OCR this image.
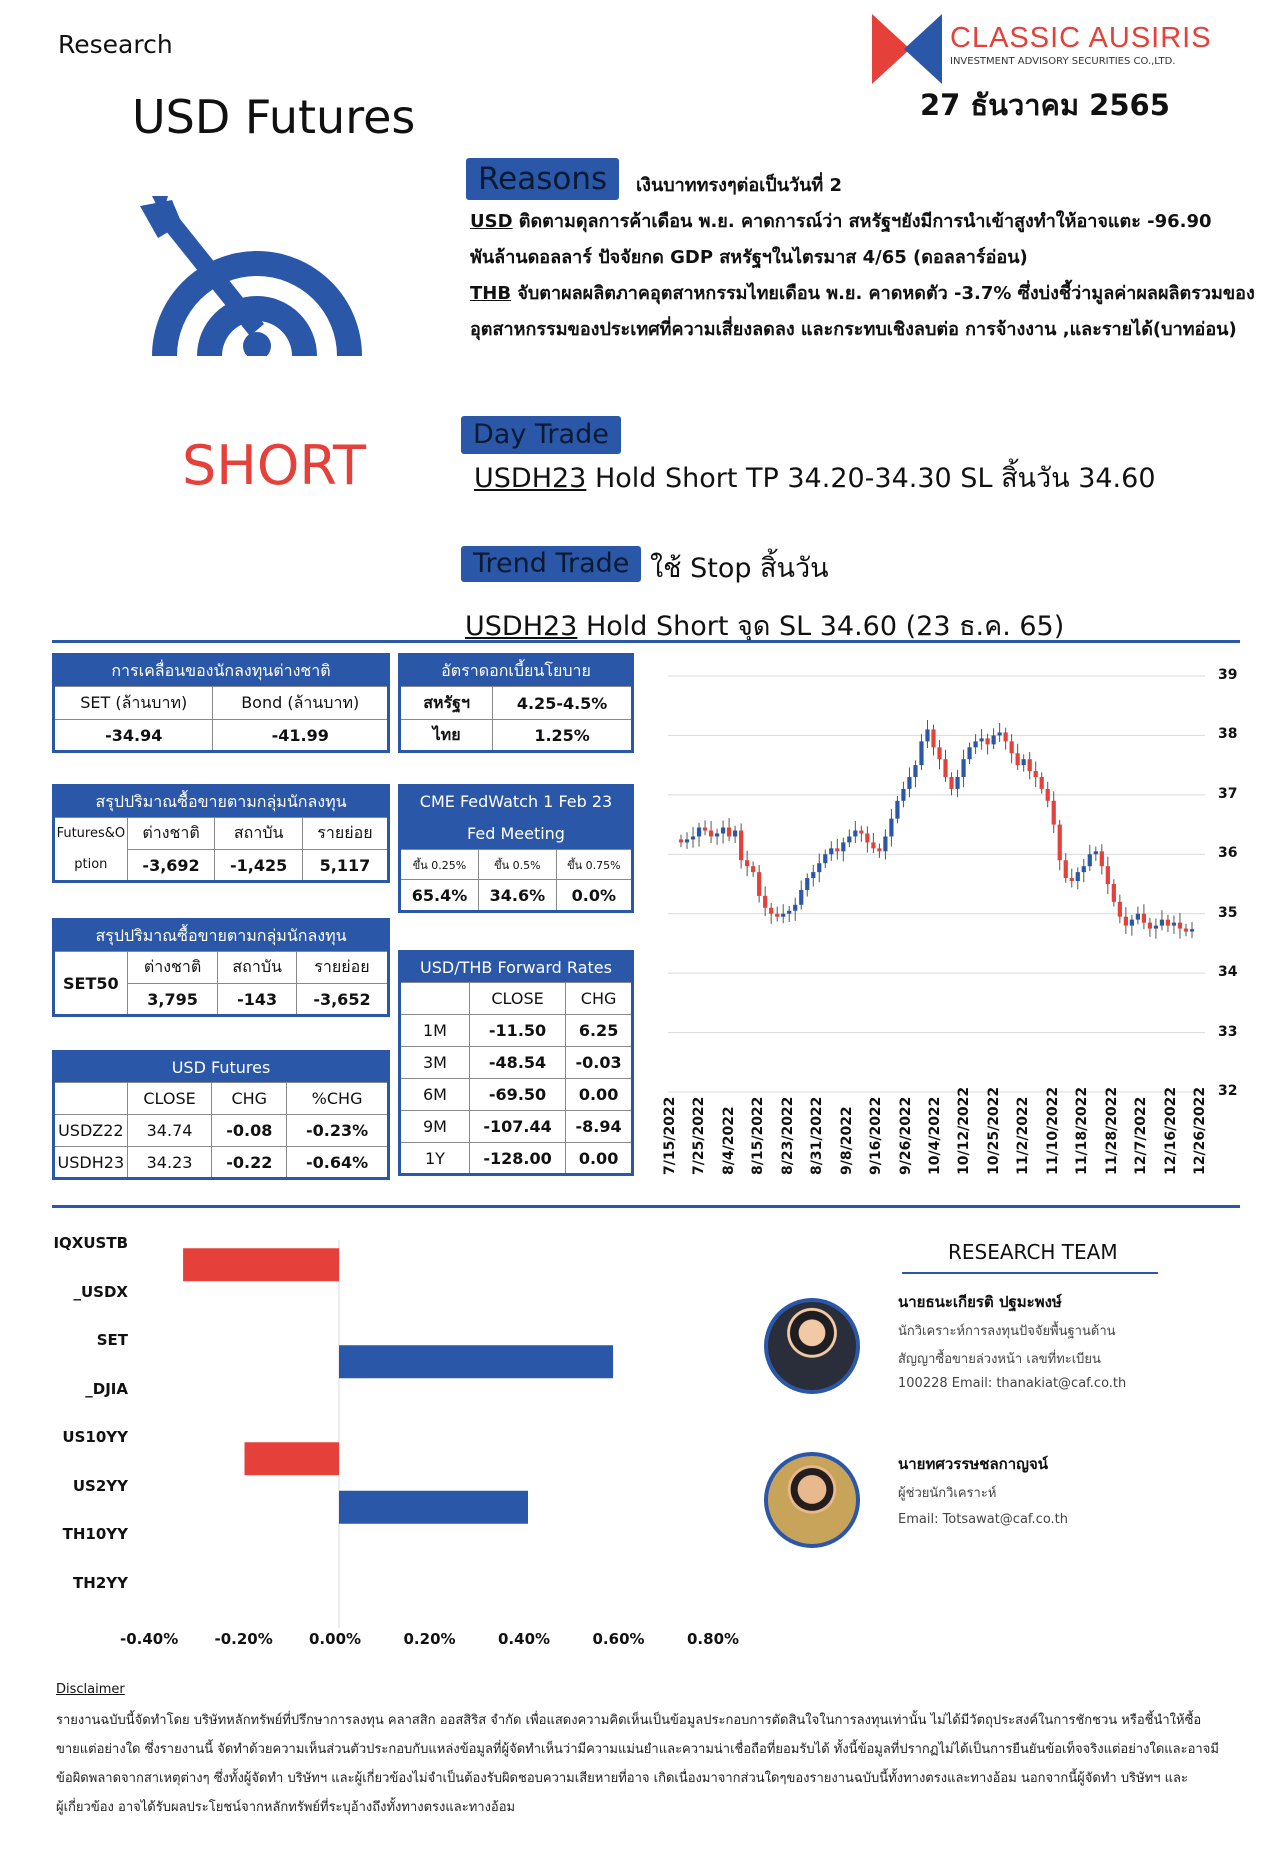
Research
USD Futures
CLASSIC AUSIRIS
INVESTMENT ADVISORY SECURITIES CO.,LTD.
27 ธันวาคม 2565
SHORT
Reasons	เงินบาททรงๆต่อเป็นวันที่ 2
USD ติดตามดุลการค้าเดือน พ.ย. คาดการณ์ว่า สหรัฐฯยังมีการนำเข้าสูงทำให้อาจแตะ -96.90
พันล้านดอลลาร์ ปัจจัยกด GDP สหรัฐฯในไตรมาส 4/65 (ดอลลาร์อ่อน)
THB จับตาผลผลิตภาคอุตสาหกรรมไทยเดือน พ.ย. คาดหดตัว -3.7% ซึ่งบ่งชี้ว่ามูลค่าผลผลิตรวมของ
อุตสาหกรรมของประเทศที่ความเสี่ยงลดลง และกระทบเชิงลบต่อ การจ้างงาน ,และรายได้(บาทอ่อน)
Day Trade
USDH23 Hold Short TP 34.20-34.30 SL สิ้นวัน 34.60
Trend Trade ใช้ Stop สิ้นวัน
USDH23 Hold Short จุด SL 34.60 (23 ธ.ค. 65)
การเคลื่อนของนักลงทุนต่างชาติ	
SET (ล้านบาท)	Bond (ล้านบาท)
-34.94	-41.99
อัตราดอกเบี้ยนโยบาย	
สหรัฐฯ	4.25-4.5%
ไทย	1.25%
สรุปปริมาณซื้อขายตามกลุ่มนักลงทุน			
Futures&O	ต่างชาติ	สถาบัน	รายย่อย
ption	-3,692	-1,425	5,117
CME FedWatch 1 Feb 23
Fed Meeting		

ขึ้น 0.25%	ขึ้น 0.5%	ขึ้น 0.75%
65.4%	34.6%	0.0%
สรุปปริมาณซื้อขายตามกลุ่มนักลงทุน			
SET50	ต่างชาติ	สถาบัน	รายย่อย
	3,795	-143	-3,652
USD/THB Forward Rates		
	CLOSE	CHG
1M	-11.50	6.25
3M	-48.54	-0.03
6M	-69.50	0.00
9M	-107.44	-8.94
1Y	-128.00	0.00
USD Futures			
	CLOSE	CHG	%CHG
USDZ22	34.74	-0.08	-0.23%
USDH23	34.23	-0.22	-0.64%
39
38
37
36
35
34
33
32
7/15/2022 7/25/2022 8/4/2022 8/15/2022 8/23/2022 8/31/2022 9/8/2022 9/16/2022 9/26/2022 10/4/2022 10/12/2022 10/25/2022 11/2/2022 11/10/2022 11/18/2022 11/28/2022 12/7/2022 12/16/2022 12/26/2022
IQXUSTB
_USDX
SET
_DJIA
US10YY
US2YY
TH10YY
TH2YY
-0.40% -0.20% 0.00%	0.20%	0.40%	0.60%	0.80%
RESEARCH TEAM
นายธนะเกียรติ ปฐมะพงษ์
นักวิเคราะห์การลงทุนปัจจัยพื้นฐานด้าน
สัญญาซื้อขายล่วงหน้า เลขที่ทะเบียน
100228 Email: thanakiat@caf.co.th
นายทศวรรษชลกาญจน์
ผู้ช่วยนักวิเคราะห์
Email: Totsawat@caf.co.th
Disclaimer
รายงานฉบับนี้จัดทำโดย บริษัทหลักทรัพย์ที่ปรึกษาการลงทุน คลาสสิก ออสสิริส จำกัด เพื่อแสดงความคิดเห็นเป็นข้อมูลประกอบการตัดสินใจในการลงทุนเท่านั้น ไม่ได้มีวัตถุประสงค์ในการชักชวน หรือชี้นำให้ซื้อ
ขายแต่อย่างใด ซึ่งรายงานนี้ จัดทำด้วยความเห็นส่วนตัวประกอบกับแหล่งข้อมูลที่ผู้จัดทำเห็นว่ามีความแม่นยำและความน่าเชื่อถือที่ยอมรับได้ ทั้งนี้ข้อมูลที่ปรากฏไม่ได้เป็นการยืนยันข้อเท็จจริงแต่อย่างใดและอาจมี
ข้อผิดพลาดจากสาเหตุต่างๆ ซึ่งทั้งผู้จัดทำ บริษัทฯ และผู้เกี่ยวข้องไม่จำเป็นต้องรับผิดชอบความเสียหายที่อาจ เกิดเนื่องมาจากส่วนใดๆของรายงานฉบับนี้ทั้งทางตรงและทางอ้อม นอกจากนี้ผู้จัดทำ บริษัทฯ และ
ผู้เกี่ยวข้อง อาจได้รับผลประโยชน์จากหลักทรัพย์ที่ระบุอ้างถึงทั้งทางตรงและทางอ้อม
